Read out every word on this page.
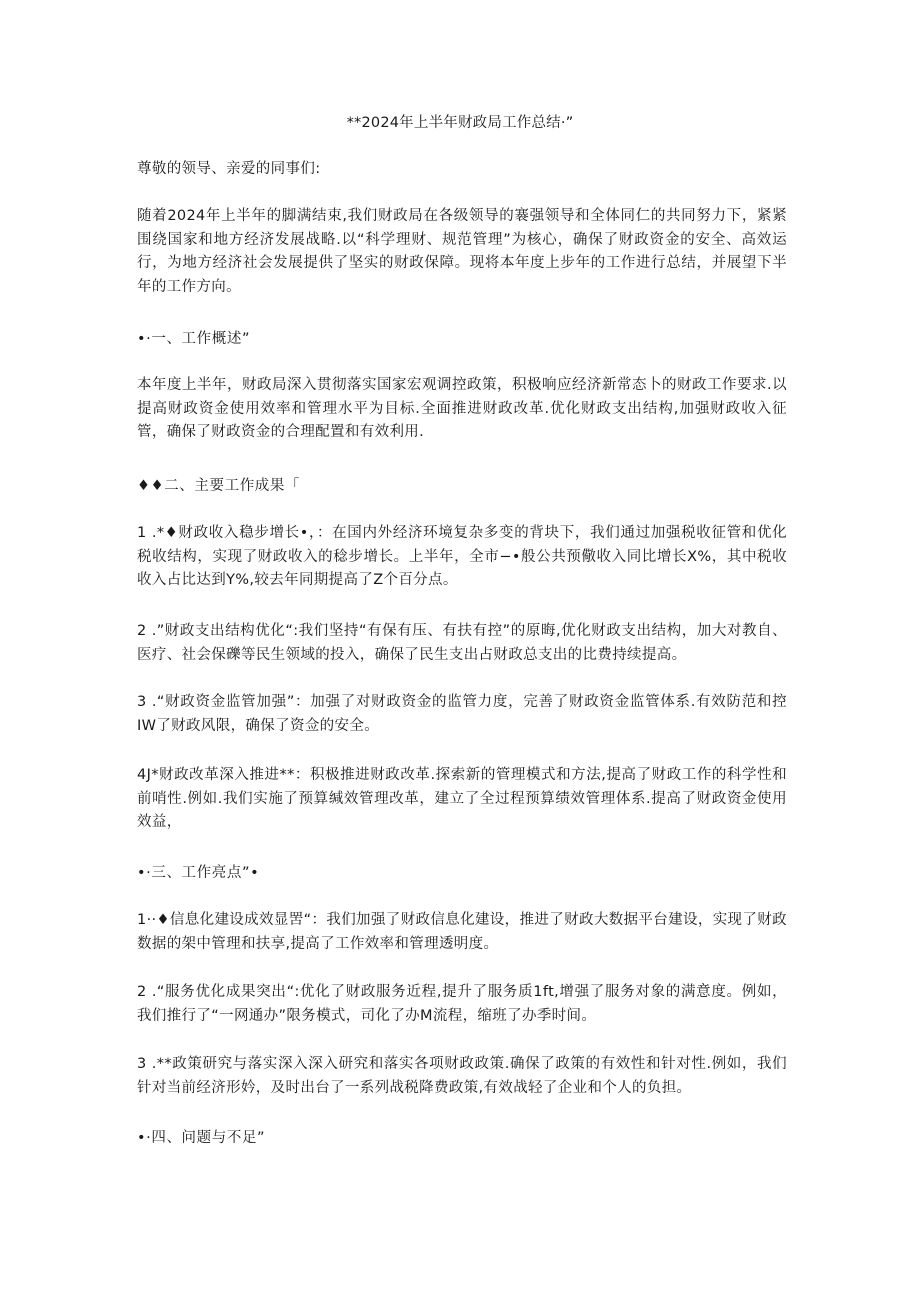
**2024年上半年财政局工作总结·”

尊敬的领导、亲爱的同事们:

随着2024年上半年的脚满结束,我们财政局在各级领导的褰强领导和全体同仁的共同努力下，紧紧围绕国家和地方经济发展战略.以“科学理财、规范管理”为核心，确保了财政资金的安全、高效运行，为地方经济社会发展提供了坚实的财政保障。现将本年度上步年的工作进行总结，并展望下半年的工作方向。

•·一、工作概述”

本年度上半年，财政局深入贯彻落实国家宏观调控政策，积极响应经济新常态卜的财政工作要求.以提高财政资金使用效率和管理水平为目标.全面推进财政改革.优化财政支出结构,加强财政收入征管，确保了财政资金的合理配置和有效利用.

♦♦二、主要工作成果「

1 .*♦财政收入稳步增长•，：在国内外经济环境复杂多变的背块下，我们通过加强税收征管和优化税收结构，实现了财政收入的稔步增长。上半年，全市−•般公共预儆收入同比增长X%，其中税收收入占比达到Y%,较去年同期提高了Z个百分点。

2 .”财政支出结构优化“:我们坚持“有保有压、有扶有控”的原晦,优化财政支出结构，加大对教自、医疗、社会保礫等民生领域的投入，确保了民生支出占财政总支出的比费持续提高。

3 .“财政资金监管加强”：加强了对财政资金的监管力度，完善了财政资金监管体系.有效防范和控IW了财政风限，确保了资佥的安全。

4J*财政改革深入推进**：积极推进财政改革.探索新的管理模式和方法,提高了财政工作的科学性和前哨性.例如.我们实施了预算缄效管理改革，建立了全过程预算绩效管理体系.提高了财政资金使用效益，

•·三、工作亮点”•

1··♦信息化建设成效显罟“：我们加强了财政信息化建设，推进了财政大数据平台建设，实现了财政数据的架中管理和扶享,提高了工作效率和管理透明度。

2 .“服务优化成果突出“:优化了财政服务近程,提升了服务质1ft,增强了服务对象的满意度。例如，我们推行了“一网通办”限务模式，司化了办M流程，缩班了办季时间。

3 .**政策研究与落实深入深入研究和落实各项财政政策.确保了政策的有效性和针对性.例如，我们针对当前经济形妗，及时出台了一系列战税降费政策,有效战轻了企业和个人的负担。

•·四、问题与不足”
